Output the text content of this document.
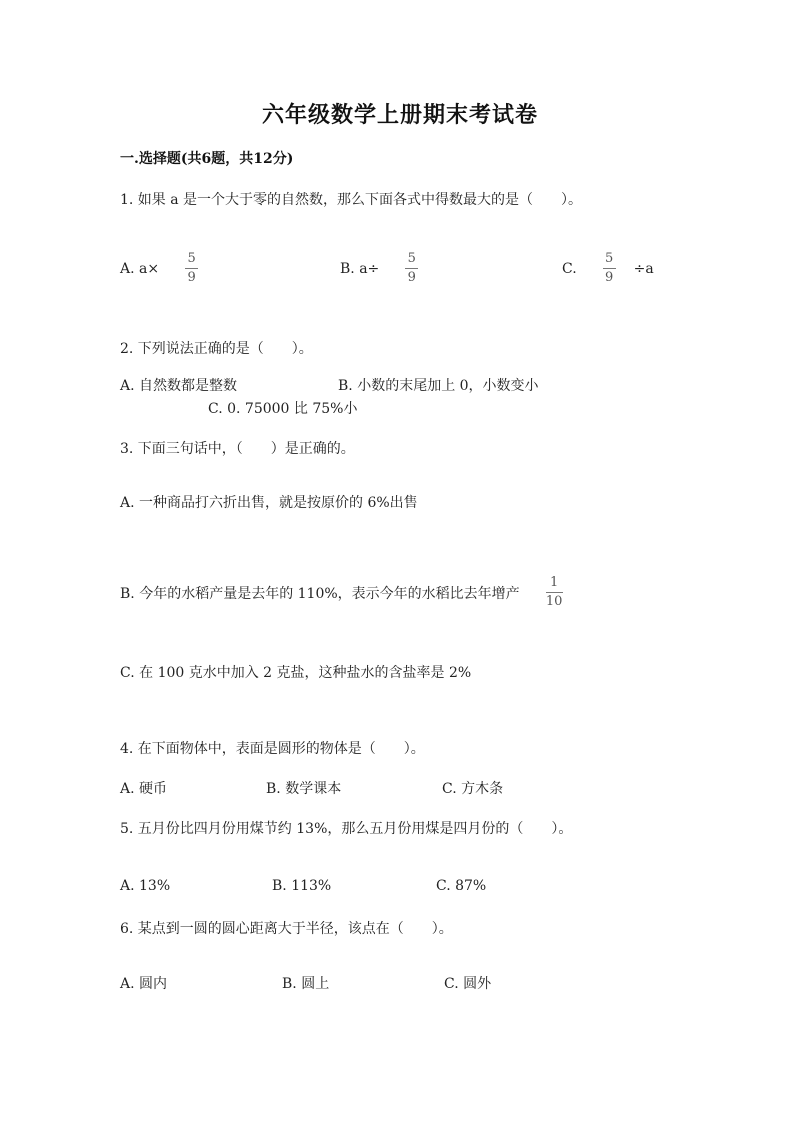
六年级数学上册期末考试卷
一.选择题(共6题，共12分)
1. 如果 a 是一个大于零的自然数，那么下面各式中得数最大的是（　　）。
A. $a\times \frac{5}{9}$	B. $a\div \frac{5}{9}$	C. $\frac{5}{9} \div a$
2. 下列说法正确的是（　　）。
A. 自然数都是整数	B. 小数的末尾加上 0，小数变小
C. 0. 75000 比 75%小
3. 下面三句话中，（　　）是正确的。
A. 一种商品打六折出售，就是按原价的 6%出售
B. 今年的水稻产量是去年的 110%，表示今年的水稻比去年增产 $\frac{1}{10}$
C. 在 100 克水中加入 2 克盐，这种盐水的含盐率是 2%
4. 在下面物体中，表面是圆形的物体是（　　）。
A. 硬币	B. 数学课本	C. 方木条
5. 五月份比四月份用煤节约 13%，那么五月份用煤是四月份的（　　）。
A. 13%	B. 113%	C. 87%
6. 某点到一圆的圆心距离大于半径，该点在（　　）。
A. 圆内	B. 圆上	C. 圆外
